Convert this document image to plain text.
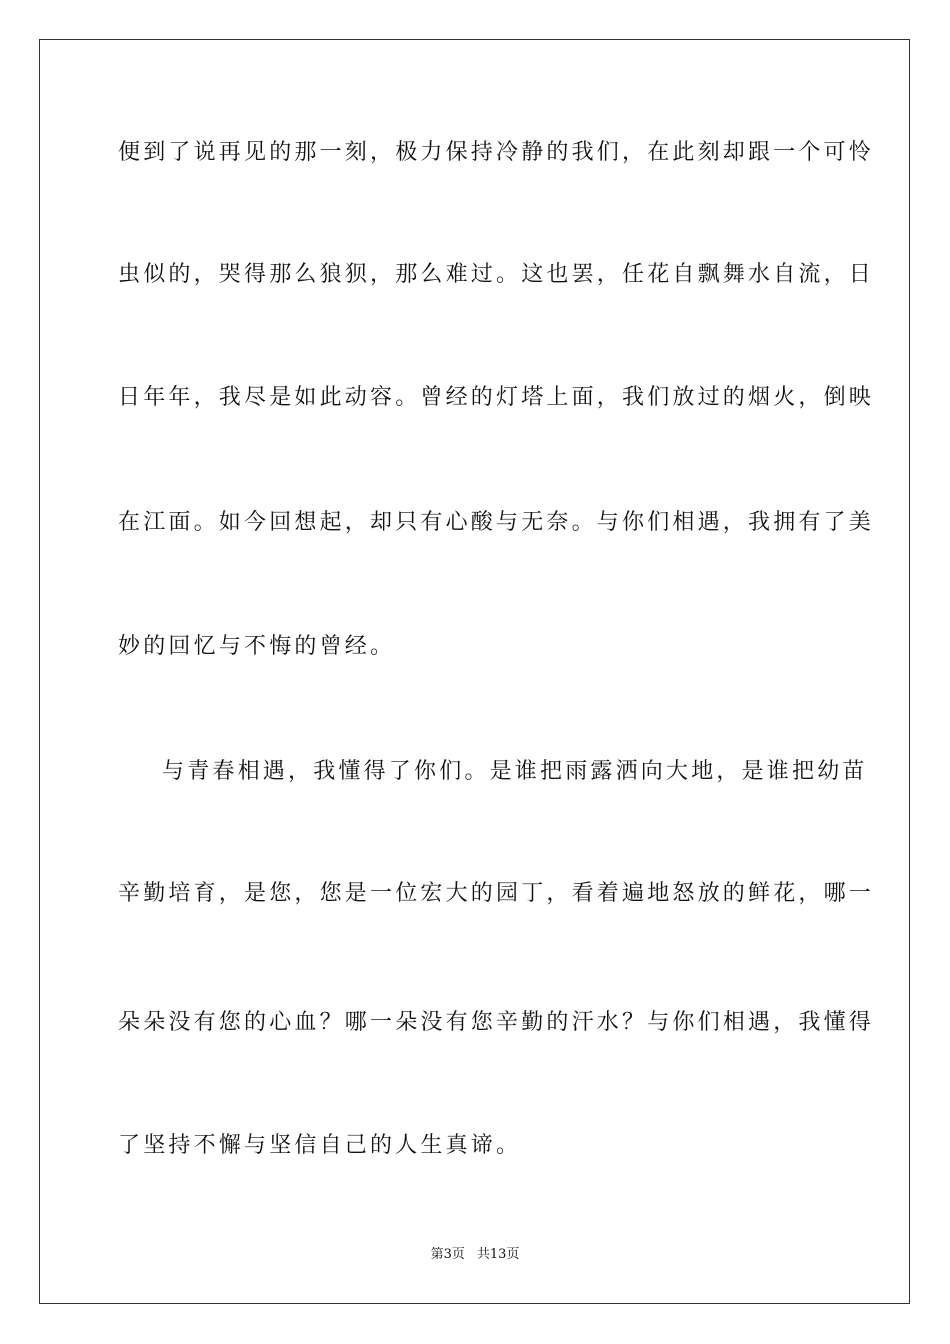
便到了说再见的那一刻，极力保持冷静的我们，在此刻却跟一个可怜
虫似的，哭得那么狼狈，那么难过。这也罢，任花自飘舞水自流，日
日年年，我尽是如此动容。曾经的灯塔上面，我们放过的烟火，倒映
在江面。如今回想起，却只有心酸与无奈。与你们相遇，我拥有了美
妙的回忆与不悔的曾经。
与青春相遇，我懂得了你们。是谁把雨露洒向大地，是谁把幼苗
辛勤培育，是您，您是一位宏大的园丁，看着遍地怒放的鲜花，哪一
朵朵没有您的心血？哪一朵没有您辛勤的汗水？与你们相遇，我懂得
了坚持不懈与坚信自己的人生真谛。
第3页 共13页
